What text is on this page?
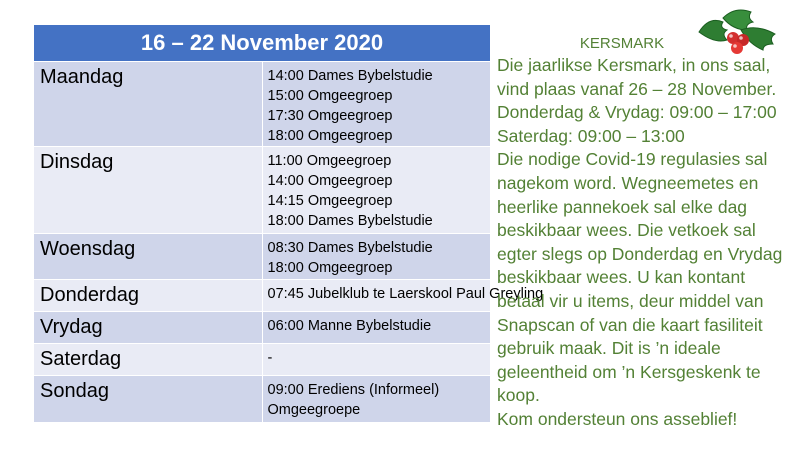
16 – 22 November 2020	
Maandag	14:00 Dames Bybelstudie
15:00 Omgeegroep
17:30 Omgeegroep
18:00 Omgeegroep

Dinsdag	11:00 Omgeegroep
14:00 Omgeegroep
14:15 Omgeegroep
18:00 Dames Bybelstudie

Woensdag	08:30 Dames Bybelstudie
18:00 Omgeegroep

Donderdag	07:45 Jubelklub te Laerskool Paul Greyling

Vrydag	06:00 Manne Bybelstudie

Saterdag	-

Sondag	09:00 Erediens (Informeel)
Omgeegroepe
KERSMARK

Die jaarlikse Kersmark, in ons saal,

vind plaas vanaf 26 – 28 November.

Donderdag & Vrydag: 09:00 – 17:00

Saterdag: 09:00 – 13:00

Die nodige Covid-19 regulasies sal

nagekom word. Wegneemetes en

heerlike pannekoek sal elke dag

beskikbaar wees. Die vetkoek sal

egter slegs op Donderdag en Vrydag

beskikbaar wees. U kan kontant

betaal vir u items, deur middel van

Snapscan of van die kaart fasiliteit

gebruik maak. Dit is ’n ideale

geleentheid om ’n Kersgeskenk te

koop.

Kom ondersteun ons asseblief!
